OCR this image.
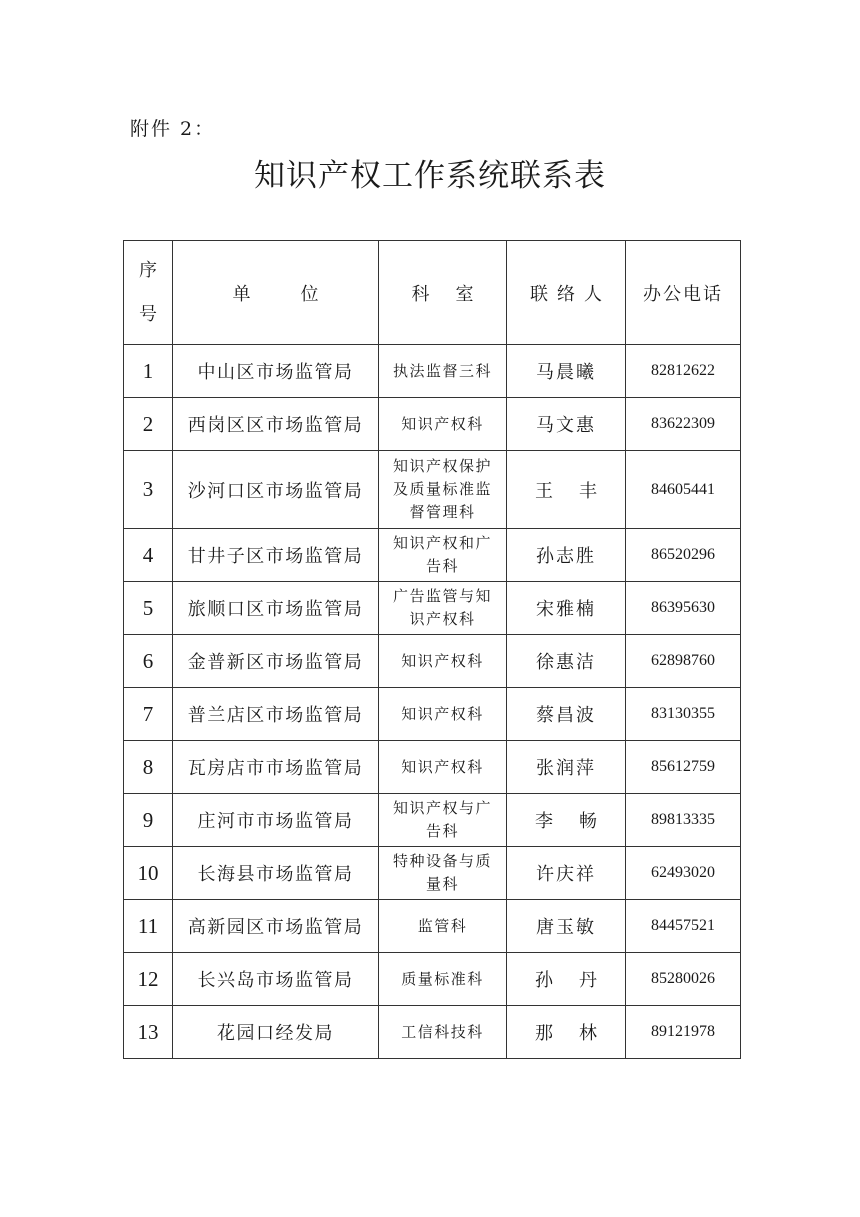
附件 2：
知识产权工作系统联系表
序号	单位	科室	联络人	办公电话
1	中山区市场监管局	执法监督三科	马晨曦	82812622
2	西岗区区市场监管局	知识产权科	马文惠	83622309
3	沙河口区市场监管局	知识产权保护及质量标准监督管理科	王丰	84605441
4	甘井子区市场监管局	知识产权和广告科	孙志胜	86520296
5	旅顺口区市场监管局	广告监管与知识产权科	宋雅楠	86395630
6	金普新区市场监管局	知识产权科	徐惠洁	62898760
7	普兰店区市场监管局	知识产权科	蔡昌波	83130355
8	瓦房店市市场监管局	知识产权科	张润萍	85612759
9	庄河市市场监管局	知识产权与广告科	李畅	89813335
10	长海县市场监管局	特种设备与质量科	许庆祥	62493020
11	高新园区市场监管局	监管科	唐玉敏	84457521
12	长兴岛市场监管局	质量标准科	孙丹	85280026
13	花园口经发局	工信科技科	那林	89121978
